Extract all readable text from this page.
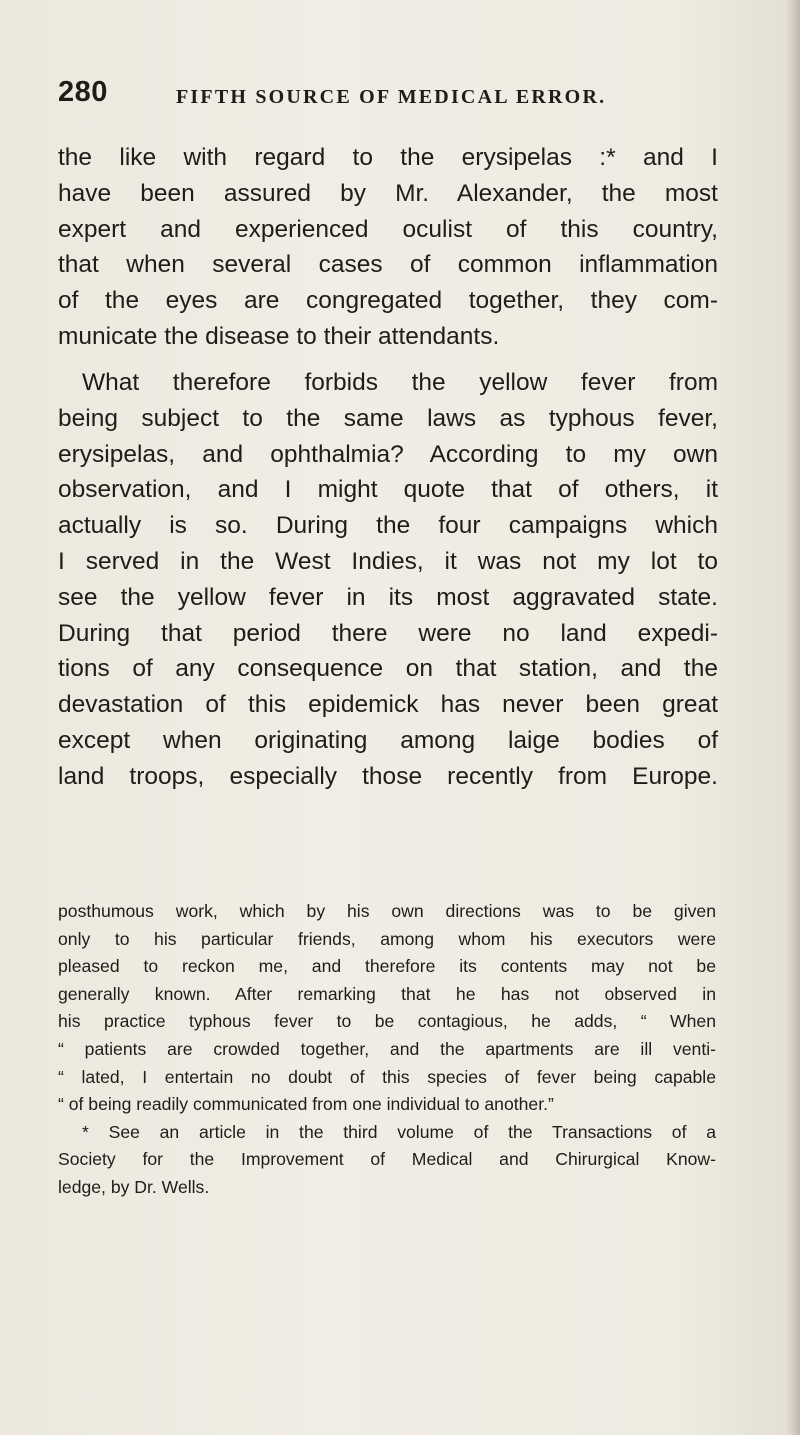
280	FIFTH SOURCE OF MEDICAL ERROR.
the like with regard to the erysipelas :* and I
have been assured by Mr. Alexander, the most
expert and experienced oculist of this country,
that when several cases of common inflammation
of the eyes are congregated together, they com-
municate the disease to their attendants.
What therefore forbids the yellow fever from
being subject to the same laws as typhous fever,
erysipelas, and ophthalmia? According to my own
observation, and I might quote that of others, it
actually is so. During the four campaigns which
I served in the West Indies, it was not my lot to
see the yellow fever in its most aggravated state.
During that period there were no land expedi-
tions of any consequence on that station, and the
devastation of this epidemick has never been great
except when originating among laige bodies of
land troops, especially those recently from Europe.
posthumous work, which by his own directions was to be given
only to his particular friends, among whom his executors were
pleased to reckon me, and therefore its contents may not be
generally known. After remarking that he has not observed in
his practice typhous fever to be contagious, he adds, “ When
“ patients are crowded together, and the apartments are ill venti-
“ lated, I entertain no doubt of this species of fever being capable
“ of being readily communicated from one individual to another.”
* See an article in the third volume of the Transactions of a
Society for the Improvement of Medical and Chirurgical Know-
ledge, by Dr. Wells.
